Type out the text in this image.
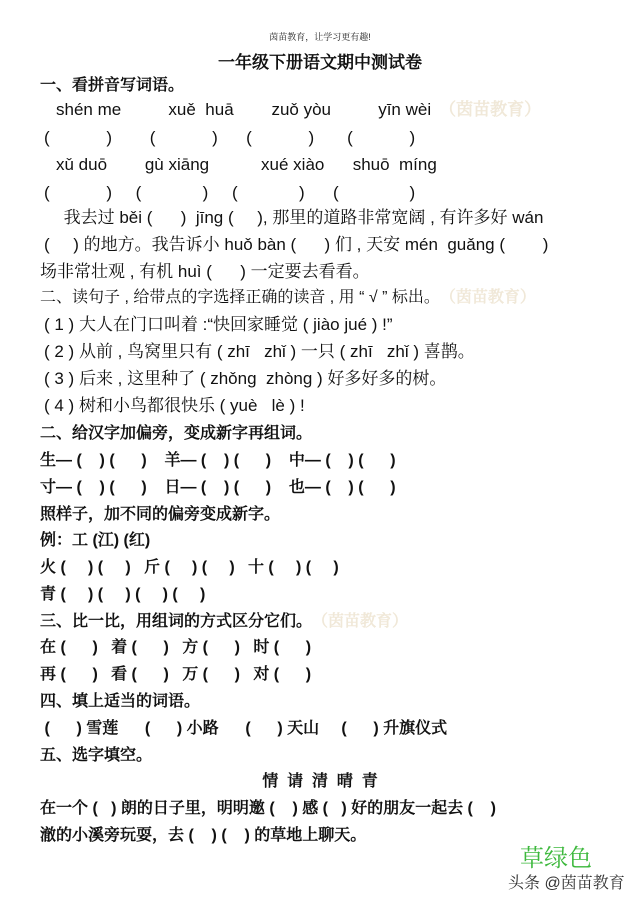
茵苗教育，让学习更有趣!
一年级下册语文期中测试卷
一、看拼音写词语。
shén me          xuě  huā        zuǒ yòu          yīn wèi （茵苗教育）
(            )        (            )      (            )       (            )
xǔ duō        gù xiāng           xué xiào      shuō  míng
(            )     (             )     (             )      (               )
我去过 běi (      )  jīng (     ), 那里的道路非常宽阔 , 有许多好 wán
(     ) 的地方。我告诉小 huǒ bàn (      ) 们 , 天安 mén  guǎng (        )
场非常壮观 , 有机 huì (      ) 一定要去看看。
二、读句子 , 给带点的字选择正确的读音 , 用 “ √ ” 标出。 （茵苗教育）
( 1 ) 大人在门口叫着 :“快回家睡觉 ( jiào jué ) !”
( 2 ) 从前 , 鸟窝里只有 ( zhī   zhǐ ) 一只 ( zhī   zhǐ ) 喜鹊。
( 3 ) 后来 , 这里种了 ( zhǒng  zhòng ) 好多好多的树。
( 4 ) 树和小鸟都很快乐 ( yuè   lè ) !
二、给汉字加偏旁，变成新字再组词。
生— (    ) (      )    羊— (    ) (      )    中— (    ) (      )
寸— (    ) (      )    日— (    ) (      )    也— (    ) (      )
照样子，加不同的偏旁变成新字。
例：工 (江) (红)
火 (     ) (     )   斤 (     ) (     )   十 (     ) (     )
青 (     ) (     ) (     ) (     )
三、比一比，用组词的方式区分它们。 （茵苗教育）
在 (      )   着 (      )   方 (      )   时 (      )
再 (      )   看 (      )   万 (      )   对 (      )
四、填上适当的词语。
(      ) 雪莲      (      ) 小路      (      ) 天山     (      ) 升旗仪式
五、选字填空。
情  请  清  晴  青
在一个 (   ) 朗的日子里，明明邀 (    ) 感 (   ) 好的朋友一起去 (    )
澈的小溪旁玩耍，去 (    ) (    ) 的草地上聊天。
草绿色
头条 @茵苗教育
